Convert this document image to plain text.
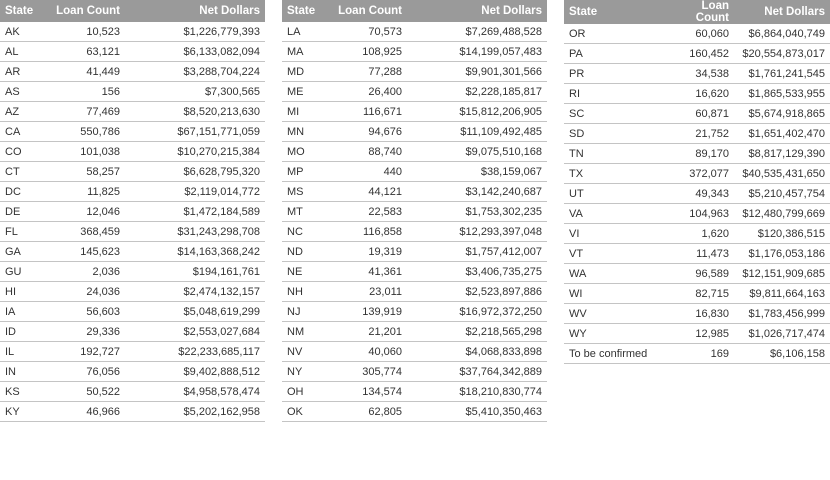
State	Loan Count	Net Dollars
AK	10,523	$1,226,779,393
AL	63,121	$6,133,082,094
AR	41,449	$3,288,704,224
AS	156	$7,300,565
AZ	77,469	$8,520,213,630
CA	550,786	$67,151,771,059
CO	101,038	$10,270,215,384
CT	58,257	$6,628,795,320
DC	11,825	$2,119,014,772
DE	12,046	$1,472,184,589
FL	368,459	$31,243,298,708
GA	145,623	$14,163,368,242
GU	2,036	$194,161,761
HI	24,036	$2,474,132,157
IA	56,603	$5,048,619,299
ID	29,336	$2,553,027,684
IL	192,727	$22,233,685,117
IN	76,056	$9,402,888,512
KS	50,522	$4,958,578,474
KY	46,966	$5,202,162,958
State	Loan Count	Net Dollars
LA	70,573	$7,269,488,528
MA	108,925	$14,199,057,483
MD	77,288	$9,901,301,566
ME	26,400	$2,228,185,817
MI	116,671	$15,812,206,905
MN	94,676	$11,109,492,485
MO	88,740	$9,075,510,168
MP	440	$38,159,067
MS	44,121	$3,142,240,687
MT	22,583	$1,753,302,235
NC	116,858	$12,293,397,048
ND	19,319	$1,757,412,007
NE	41,361	$3,406,735,275
NH	23,011	$2,523,897,886
NJ	139,919	$16,972,372,250
NM	21,201	$2,218,565,298
NV	40,060	$4,068,833,898
NY	305,774	$37,764,342,889
OH	134,574	$18,210,830,774
OK	62,805	$5,410,350,463
State	Loan Count	Net Dollars
OR	60,060	$6,864,040,749
PA	160,452	$20,554,873,017
PR	34,538	$1,761,241,545
RI	16,620	$1,865,533,955
SC	60,871	$5,674,918,865
SD	21,752	$1,651,402,470
TN	89,170	$8,817,129,390
TX	372,077	$40,535,431,650
UT	49,343	$5,210,457,754
VA	104,963	$12,480,799,669
VI	1,620	$120,386,515
VT	11,473	$1,176,053,186
WA	96,589	$12,151,909,685
WI	82,715	$9,811,664,163
WV	16,830	$1,783,456,999
WY	12,985	$1,026,717,474
To be confirmed	169	$6,106,158
